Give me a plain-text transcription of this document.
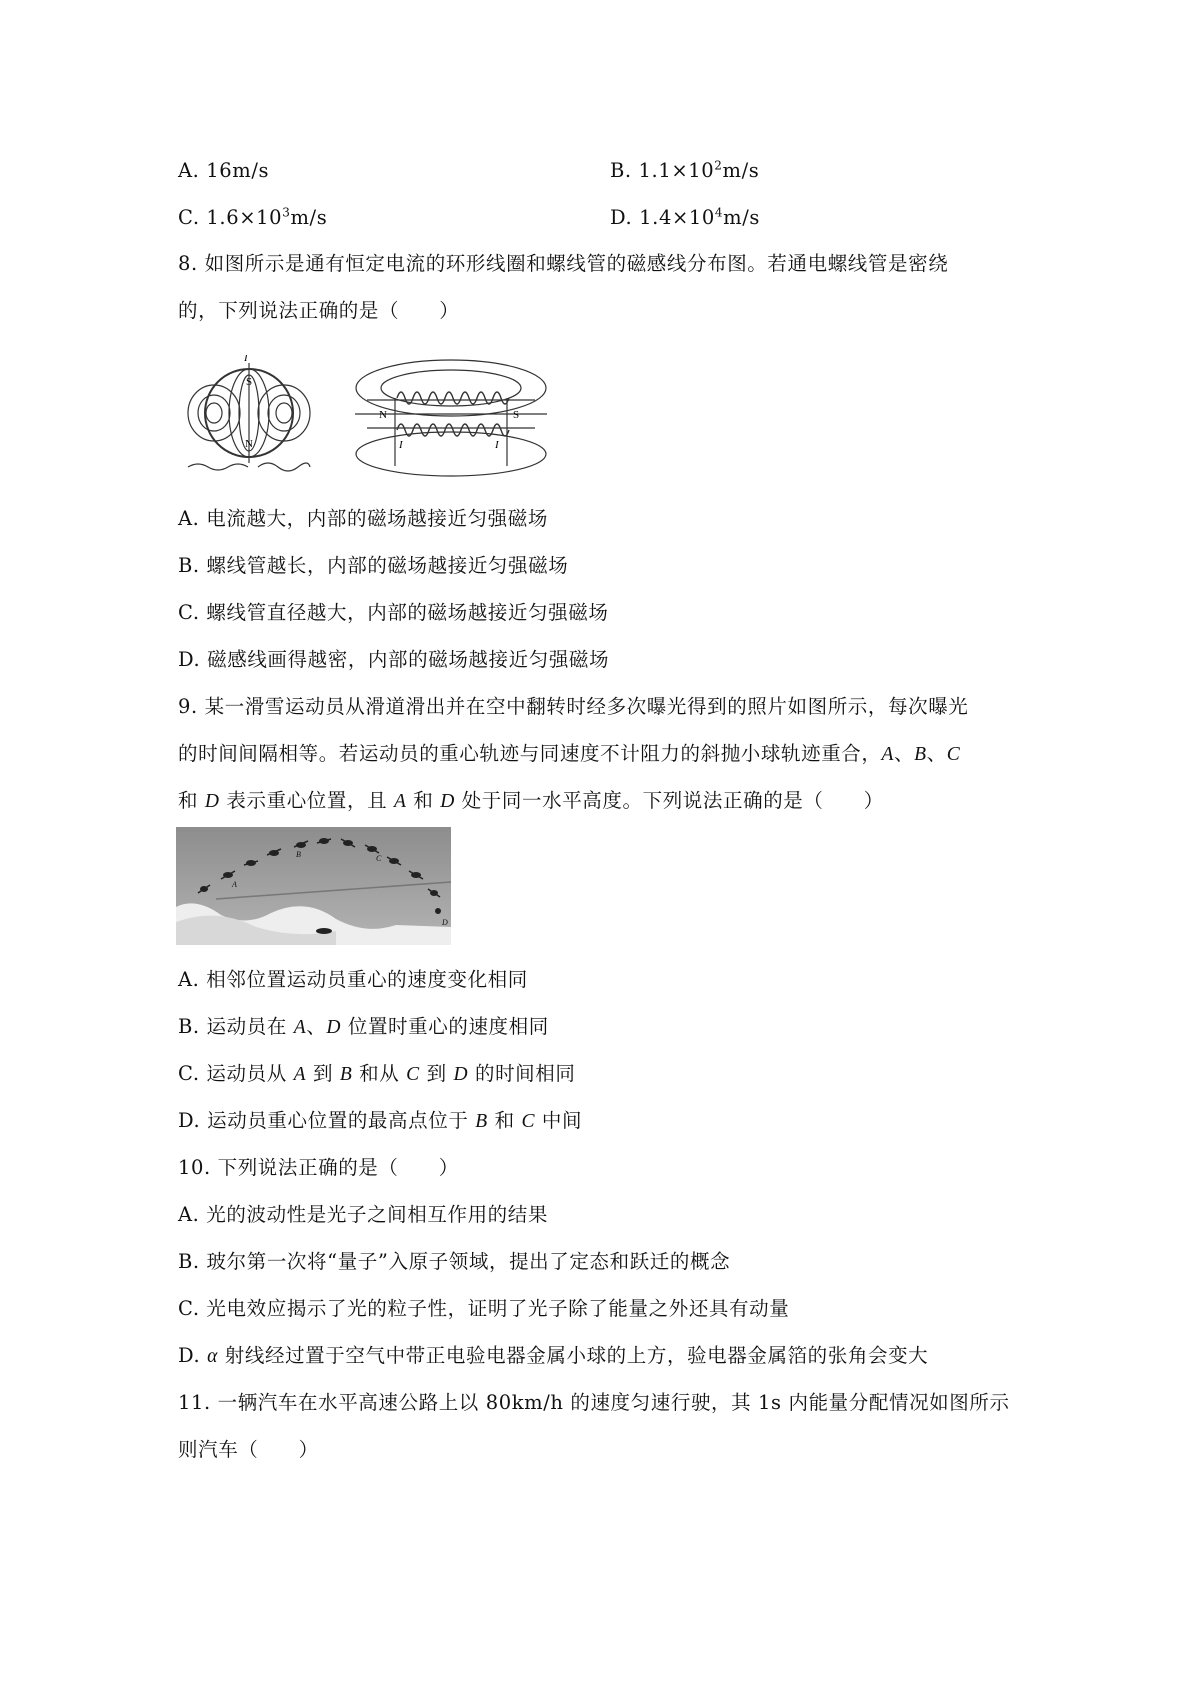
A. 16m/s	B. $1.1\times 10^2m/s$
C. $1.6\times 10^3m/s$	D. $1.4\times 10^4m/s$
8. 如图所示是通有恒定电流的环形线圈和螺线管的磁感线分布图。若通电螺线管是密绕
的，下列说法正确的是（　　）
S
N
I
N	S
I	I
A. 电流越大，内部的磁场越接近匀强磁场
B. 螺线管越长，内部的磁场越接近匀强磁场
C. 螺线管直径越大，内部的磁场越接近匀强磁场
D. 磁感线画得越密，内部的磁场越接近匀强磁场
9. 某一滑雪运动员从滑道滑出并在空中翻转时经多次曝光得到的照片如图所示，每次曝光
的时间间隔相等。若运动员的重心轨迹与同速度不计阻力的斜抛小球轨迹重合，A、B、C
和 D 表示重心位置，且 A 和 D 处于同一水平高度。下列说法正确的是（　　）
A
B	C
D
A. 相邻位置运动员重心的速度变化相同
B. 运动员在 A、D 位置时重心的速度相同
C. 运动员从 A 到 B 和从 C 到 D 的时间相同
D. 运动员重心位置的最高点位于 B 和 C 中间
10. 下列说法正确的是（　　）
A. 光的波动性是光子之间相互作用的结果
B. 玻尔第一次将“量子”入原子领域，提出了定态和跃迁的概念
C. 光电效应揭示了光的粒子性，证明了光子除了能量之外还具有动量
D. α 射线经过置于空气中带正电验电器金属小球的上方，验电器金属箔的张角会变大
11. 一辆汽车在水平高速公路上以 80km/h 的速度匀速行驶，其 1s 内能量分配情况如图所示
则汽车（　　）
